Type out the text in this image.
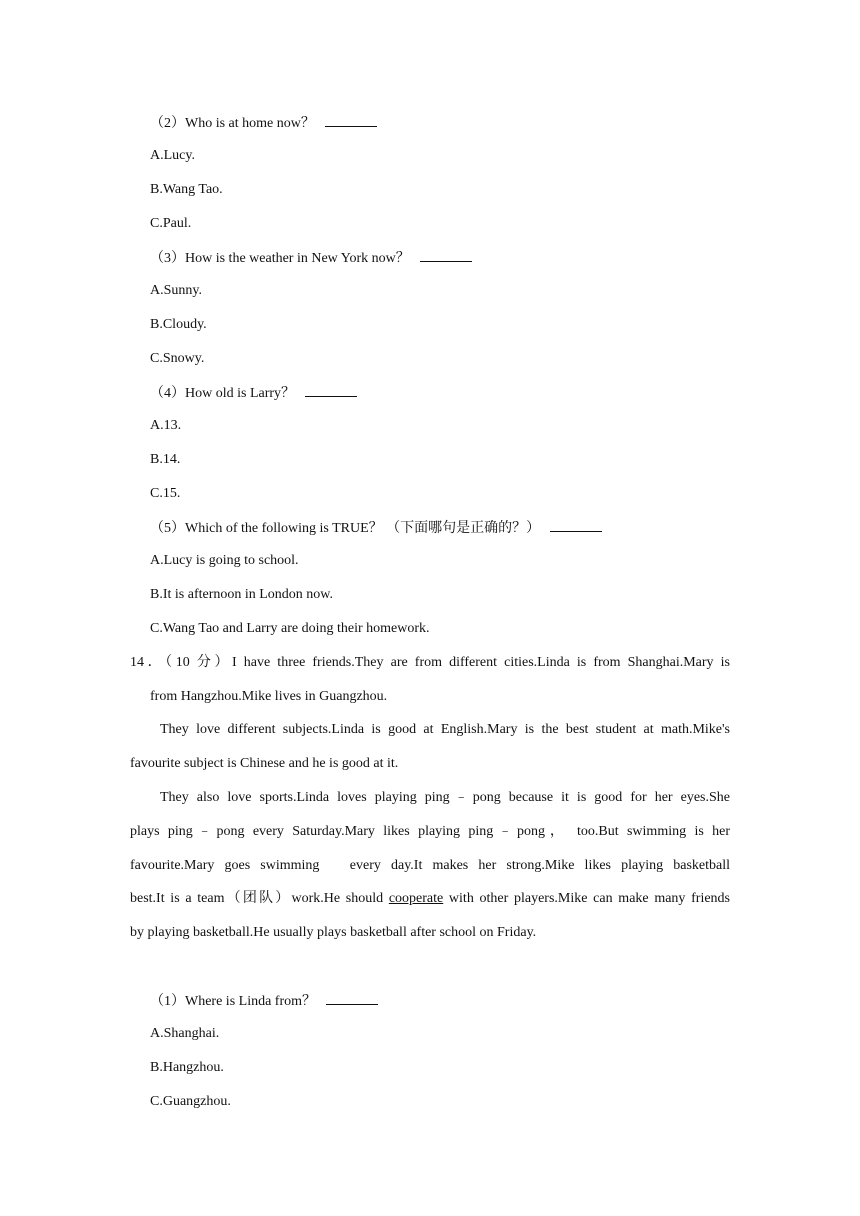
（2）Who is at home now？
A.Lucy.
B.Wang Tao.
C.Paul.
（3）How is the weather in New York now？
A.Sunny.
B.Cloudy.
C.Snowy.
（4）How old is Larry？
A.13.
B.14.
C.15.
（5）Which of the following is TRUE？ （下面哪句是正确的？）
A.Lucy is going to school.
B.It is afternoon in London now.
C.Wang Tao and Larry are doing their homework.
14．（10 分）I have three friends.They are from different cities.Linda is from Shanghai.Mary is
from Hangzhou.Mike lives in Guangzhou.
They love different subjects.Linda is good at English.Mary is the best student at math.Mike's
favourite subject is Chinese and he is good at it.
They also love sports.Linda loves playing ping﹣pong because it is good for her eyes.She
plays ping﹣pong every Saturday.Mary likes playing ping﹣pong， too.But swimming is her
favourite.Mary goes swimming   every day.It makes her strong.Mike likes playing basketball
best.It is a team（团队）work.He should cooperate with other players.Mike can make many friends
by playing basketball.He usually plays basketball after school on Friday.
（1）Where is Linda from？
A.Shanghai.
B.Hangzhou.
C.Guangzhou.
